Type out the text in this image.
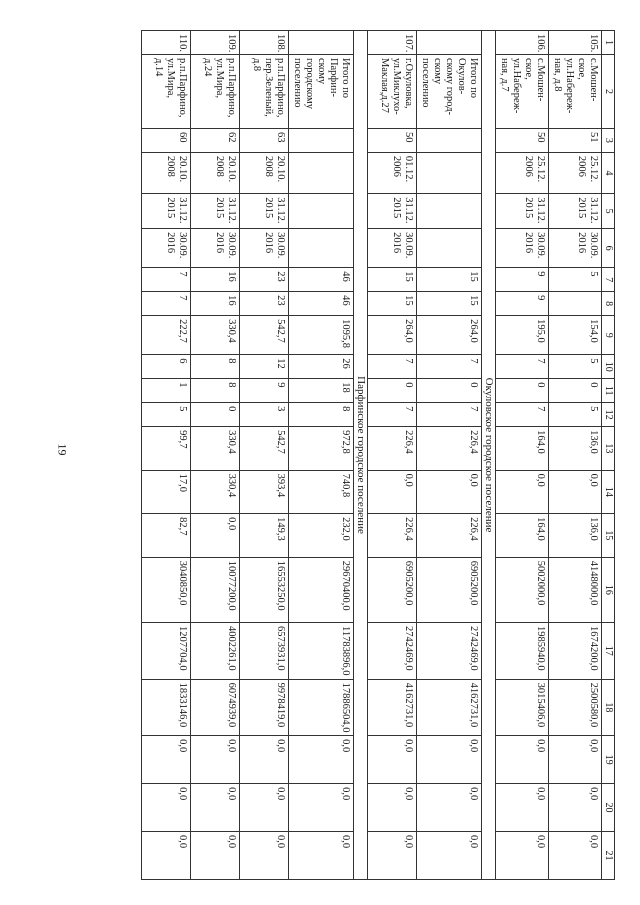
19
1	2	3	4	5	6	7	8	9	10	11	12	13	14	15	16	17	18	19	20	21
105.	с.Мошен-
ское,
ул.Набереж-
ная, д.8	51	25.12.
2006	31.12.
2015	30.09.
2016	5		154,0	5	0	5	136,0	0,0	136,0	4148000,0	1674200,0	2500580,0	0,0	0,0	0,0
106.	с.Мошен-
ское,
ул.Набереж-
ная, д.7	50	25.12.
2006	31.12.
2015	30.09.
2016	9	9	195,0	7	0	7	164,0	0,0	164,0	5002000,0	1985940,0	3015406,0	0,0	0,0	0,0
Окуловское городское поселение																				
	Итого по
Окулов-
скому город-
скому
поселению					15	15	264,0	7	0	7	226,4	0,0	226,4	6905200,0	2742469,0	4162731,0	0,0	0,0	0,0
107.	г.Окуловка,
ул.Миклухо-
Маклая,д.27	50	01.12.
2006	31.12.
2015	30.09.
2016	15	15	264,0	7	0	7	226,4	0,0	226,4	6905200,0	2742469,0	4162731,0	0,0	0,0	0,0
Парфинское городское поселение																				
	Итого по
Парфин-
скому
городскому
поселению					46	46	1095,8	26	18	8	972,8	740,8	232,0	29670400,0	11783896,0	17886504,0	0,0	0,0	0,0
108.	р.п.Парфино,
пер.Зеленый,
д.8	63	20.10.
2008	31.12.
2015	30.09.
2016	23	23	542,7	12	9	3	542,7	393,4	149,3	16553250,0	6573931,0	9978419,0	0,0	0,0	0,0
109.	р.п.Парфино,
ул.Мира,
д.24	62	20.10.
2008	31.12.
2015	30.09.
2016	16	16	330,4	8	8	0	330,4	330,4	0,0	10077200,0	4002261,0	6074939,0	0,0	0,0	0,0
110.	р.п.Парфино,
ул.Мира,
д.14	60	20.10.
2008	31.12.
2015	30.09.
2016	7	7	222,7	6	1	5	99,7	17,0	82,7	3040850,0	1207704,0	1833146,0	0,0	0,0	0,0
